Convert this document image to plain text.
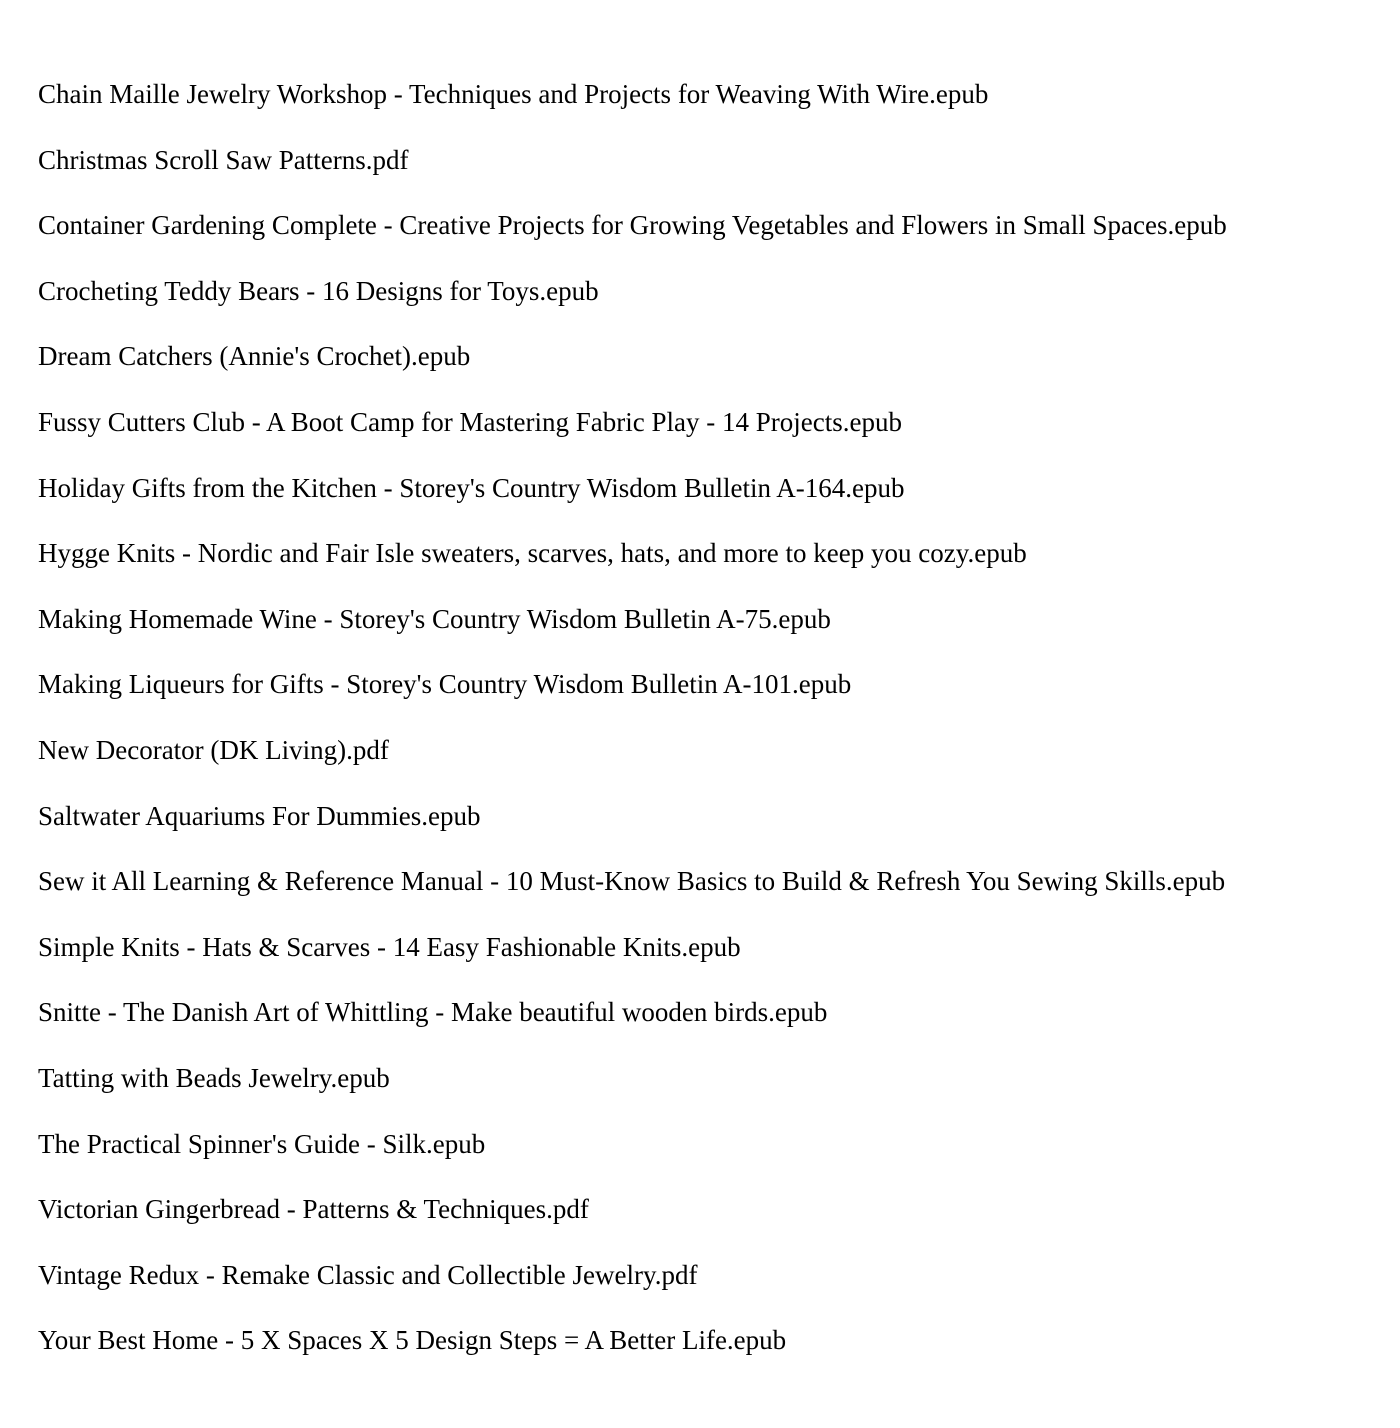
Chain Maille Jewelry Workshop - Techniques and Projects for Weaving With Wire.epub
Christmas Scroll Saw Patterns.pdf
Container Gardening Complete - Creative Projects for Growing Vegetables and Flowers in Small Spaces.epub
Crocheting Teddy Bears - 16 Designs for Toys.epub
Dream Catchers (Annie's Crochet).epub
Fussy Cutters Club - A Boot Camp for Mastering Fabric Play - 14 Projects.epub
Holiday Gifts from the Kitchen - Storey's Country Wisdom Bulletin A-164.epub
Hygge Knits - Nordic and Fair Isle sweaters, scarves, hats, and more to keep you cozy.epub
Making Homemade Wine - Storey's Country Wisdom Bulletin A-75.epub
Making Liqueurs for Gifts - Storey's Country Wisdom Bulletin A-101.epub
New Decorator (DK Living).pdf
Saltwater Aquariums For Dummies.epub
Sew it All Learning & Reference Manual - 10 Must-Know Basics to Build & Refresh You Sewing Skills.epub
Simple Knits - Hats & Scarves - 14 Easy Fashionable Knits.epub
Snitte - The Danish Art of Whittling - Make beautiful wooden birds.epub
Tatting with Beads Jewelry.epub
The Practical Spinner's Guide - Silk.epub
Victorian Gingerbread - Patterns & Techniques.pdf
Vintage Redux - Remake Classic and Collectible Jewelry.pdf
Your Best Home - 5 X Spaces X 5 Design Steps = A Better Life.epub
